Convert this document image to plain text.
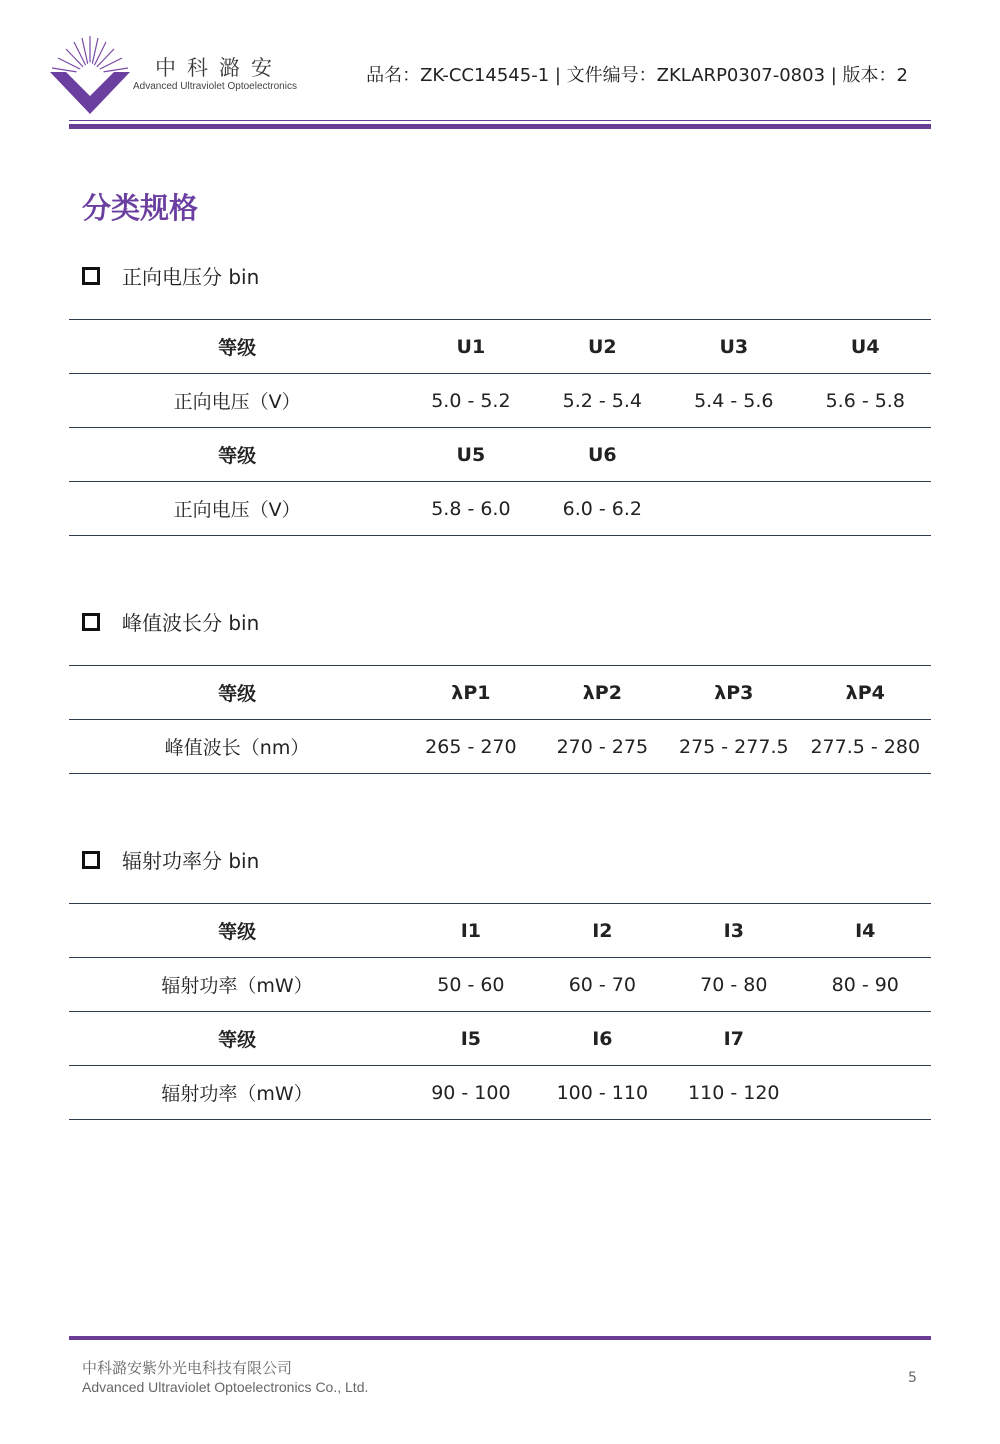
中科潞安
Advanced Ultraviolet Optoelectronics
品名：ZK-CC14545-1 | 文件编号：ZKLARP0307-0803 | 版本：2
分类规格
正向电压分 bin
等级	U1	U2	U3	U4
正向电压（V）	5.0 - 5.2	5.2 - 5.4	5.4 - 5.6	5.6 - 5.8
等级	U5	U6		
正向电压（V）	5.8 - 6.0	6.0 - 6.2		
峰值波长分 bin
等级	λP1	λP2	λP3	λP4
峰值波长（nm）	265 - 270	270 - 275	275 - 277.5	277.5 - 280
辐射功率分 bin
等级	I1	I2	I3	I4
辐射功率（mW）	50 - 60	60 - 70	70 - 80	80 - 90
等级	I5	I6	I7	
辐射功率（mW）	90 - 100	100 - 110	110 - 120	
中科潞安紫外光电科技有限公司
Advanced Ultraviolet Optoelectronics Co., Ltd.
5
